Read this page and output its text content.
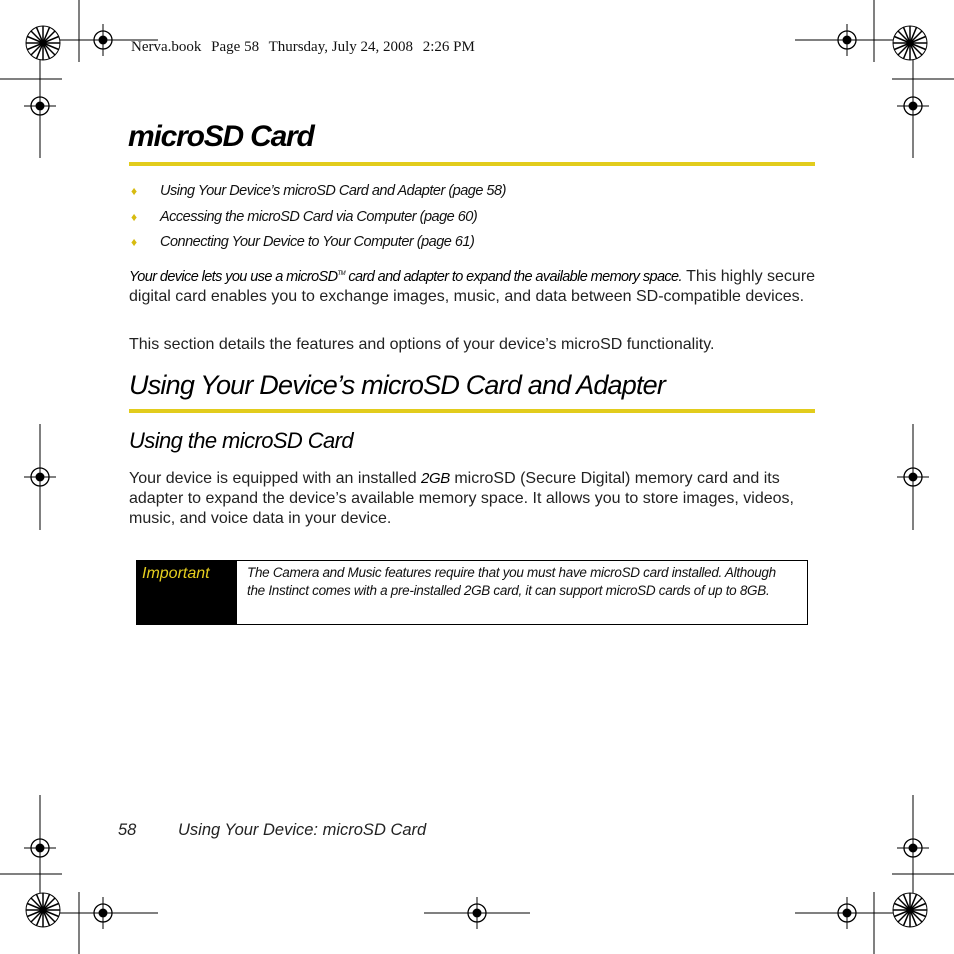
Nerva.book Page 58 Thursday, July 24, 2008 2:26 PM
microSD Card
♦ Using Your Device’s microSD Card and Adapter (page 58)
♦ Accessing the microSD Card via Computer (page 60)
♦ Connecting Your Device to Your Computer (page 61)

Your device lets you use a microSD™ card and adapter to expand the available memory space. This highly secure digital card enables you to exchange images, music, and data between SD-compatible devices.

This section details the features and options of your device’s microSD functionality.

Using Your Device’s microSD Card and Adapter
Using the microSD Card

Your device is equipped with an installed 2GB microSD (Secure Digital) memory card and its adapter to expand the device’s available memory space. It allows you to store images, videos, music, and voice data in your device.

Important	The Camera and Music features require that you must have microSD card installed. Although the Instinct comes with a pre-installed 2GB card, it can support microSD cards of up to 8GB.
58	Using Your Device: microSD Card
